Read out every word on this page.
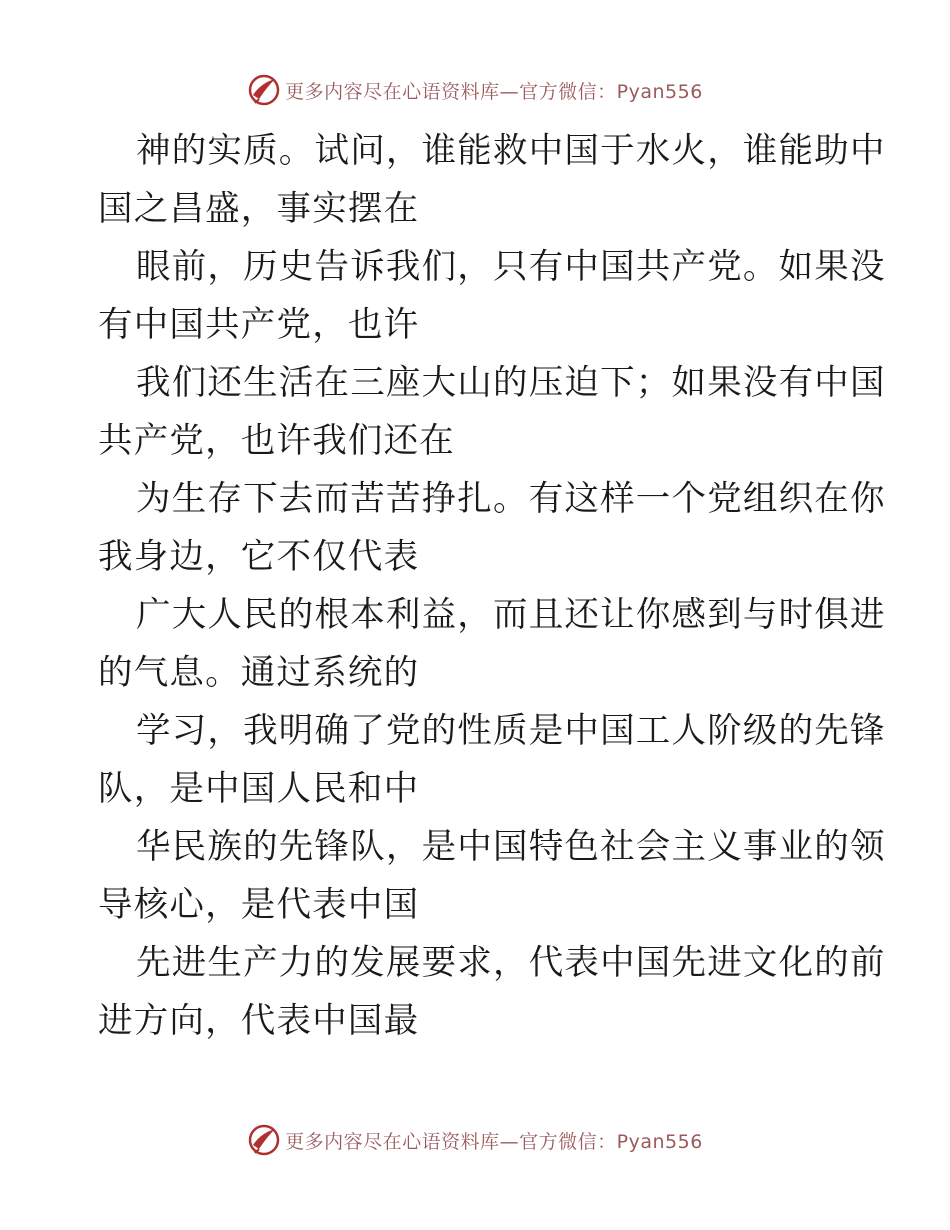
更多内容尽在心语资料库—官方微信：Pyan556
神的实质。试问，谁能救中国于水火，谁能助中
国之昌盛，事实摆在
眼前，历史告诉我们，只有中国共产党。如果没
有中国共产党，也许
我们还生活在三座大山的压迫下；如果没有中国
共产党，也许我们还在
为生存下去而苦苦挣扎。有这样一个党组织在你
我身边，它不仅代表
广大人民的根本利益，而且还让你感到与时俱进
的气息。通过系统的
学习，我明确了党的性质是中国工人阶级的先锋
队，是中国人民和中
华民族的先锋队，是中国特色社会主义事业的领
导核心，是代表中国
先进生产力的发展要求，代表中国先进文化的前
进方向，代表中国最
更多内容尽在心语资料库—官方微信：Pyan556
